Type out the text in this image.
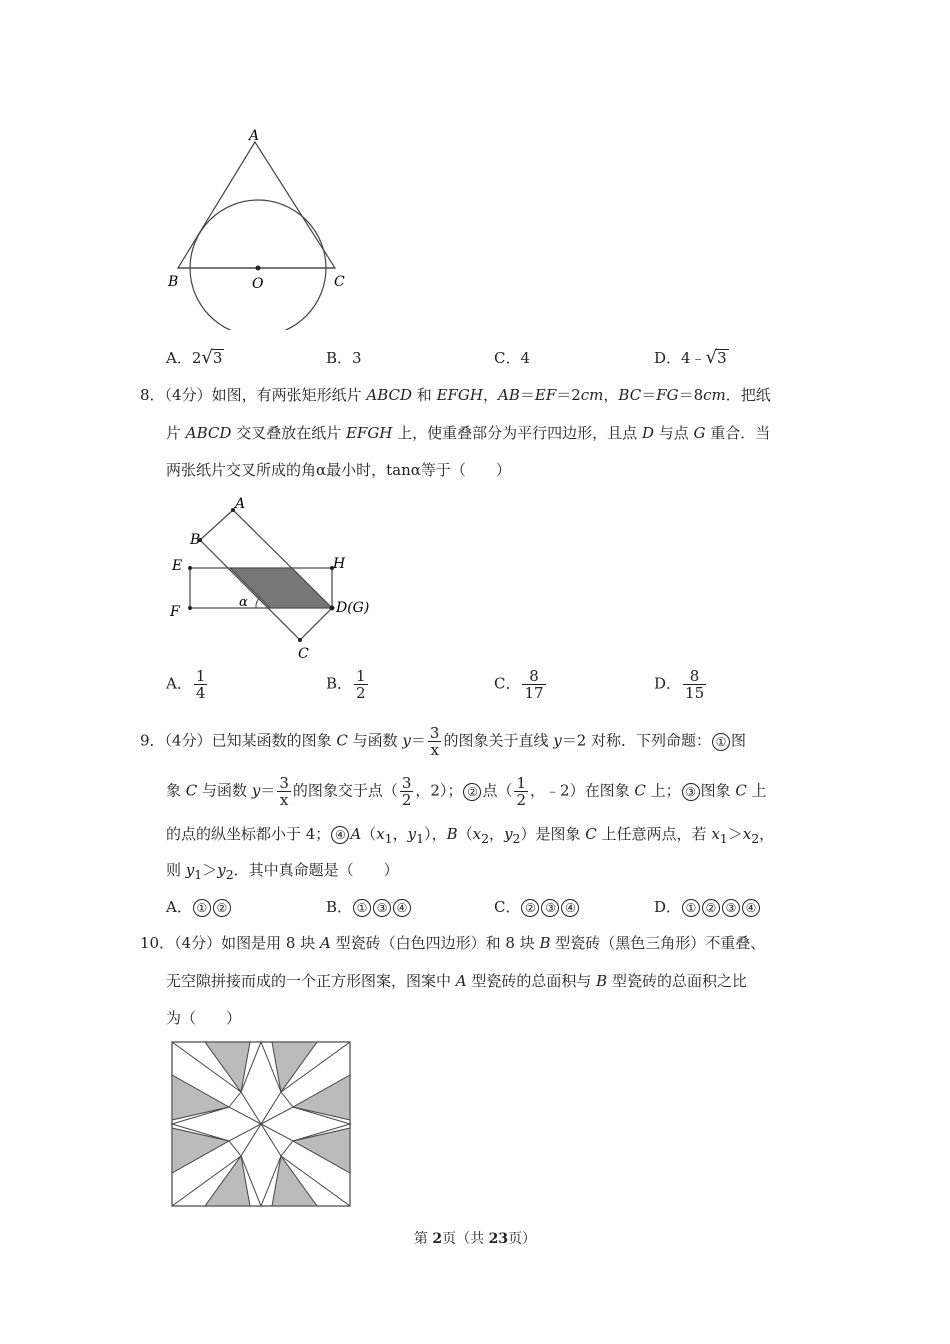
A
B	C
O
A．2√3	B．3	C．4	D．4﹣√3
8．（4分）如图，有两张矩形纸片 ABCD 和 EFGH，AB＝EF＝2cm，BC＝FG＝8cm．把纸
片 ABCD 交叉叠放在纸片 EFGH 上，使重叠部分为平行四边形，且点 D 与点 G 重合．当
两张纸片交叉所成的角α最小时，tanα等于（　　）
A
B
E	H
F	D(G)
C
α
A． $\frac{1}{4}$	B． $\frac{1}{2}$	C． $\frac{8}{17}$	D． $\frac{8}{15}$
9．（4分）已知某函数的图象 C 与函数 $y= \frac{3}{x}$ 的图象关于直线 y＝2 对称．下列命题： ① 图
象 C 与函数 $y= \frac{3}{x}$ 的图象交于点（ $\frac{3}{2}$ ，2）； ② 点（ $\frac{1}{2}$ ，﹣2）在图象 C 上； ③ 图象 C 上
的点的纵坐标都小于 4； ④ $A(x_1$，$y_1$），$B(x_2$，$y_2$）是图象 C 上任意两点，若 $x_1>x_2$，
则 $y_1>y_2$．其中真命题是（　　）
A． ① ②	B． ① ③ ④	C． ② ③ ④	D． ① ② ③ ④
10．（4分）如图是用 8 块 A 型瓷砖（白色四边形）和 8 块 B 型瓷砖（黑色三角形）不重叠、
无空隙拼接而成的一个正方形图案，图案中 A 型瓷砖的总面积与 B 型瓷砖的总面积之比
为（　　）
第 2页（共 23页）
